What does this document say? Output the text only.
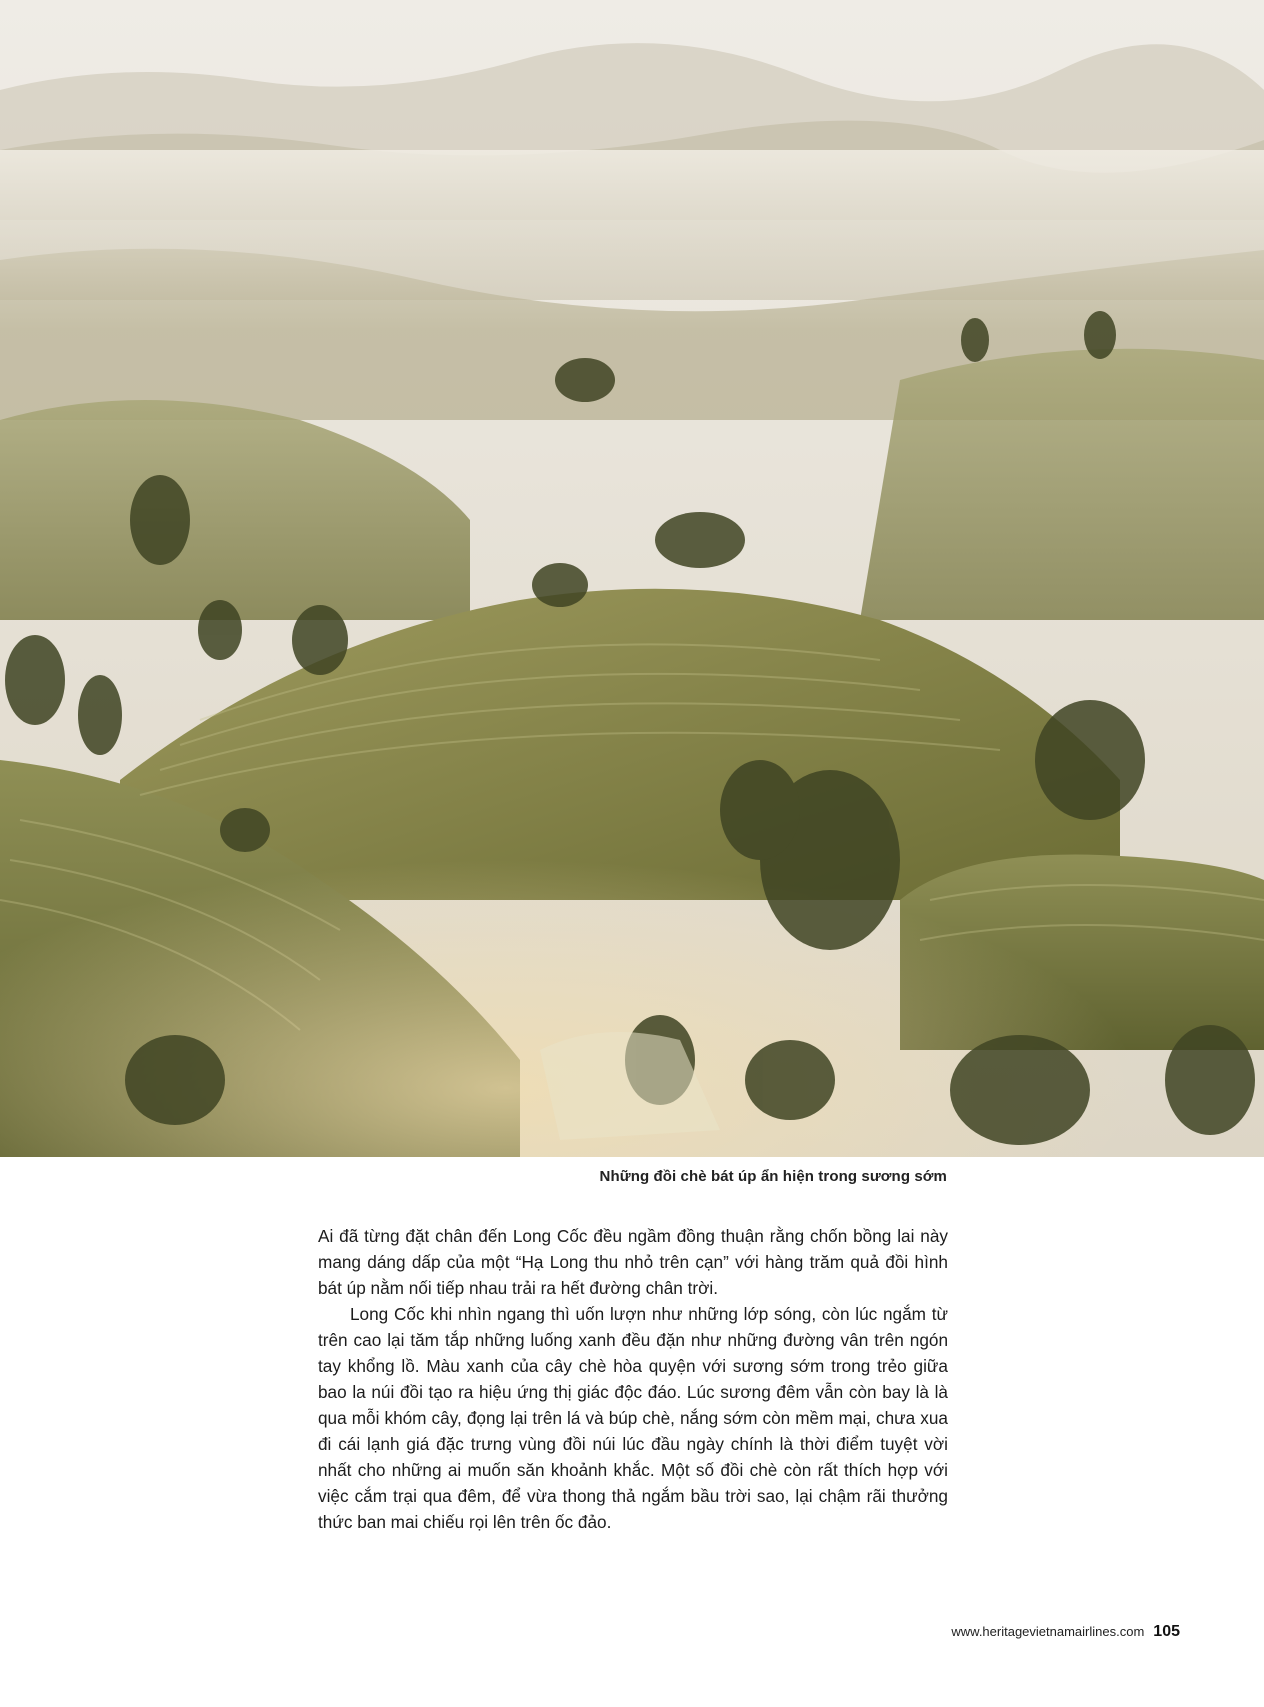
Những đồi chè bát úp ẩn hiện trong sương sớm

Ai đã từng đặt chân đến Long Cốc đều ngầm đồng thuận rằng chốn bồng lai này mang dáng dấp của một “Hạ Long thu nhỏ trên cạn” với hàng trăm quả đồi hình bát úp nằm nối tiếp nhau trải ra hết đường chân trời.

Long Cốc khi nhìn ngang thì uốn lượn như những lớp sóng, còn lúc ngắm từ trên cao lại tăm tắp những luống xanh đều đặn như những đường vân trên ngón tay khổng lồ. Màu xanh của cây chè hòa quyện với sương sớm trong trẻo giữa bao la núi đồi tạo ra hiệu ứng thị giác độc đáo. Lúc sương đêm vẫn còn bay là là qua mỗi khóm cây, đọng lại trên lá và búp chè, nắng sớm còn mềm mại, chưa xua đi cái lạnh giá đặc trưng vùng đồi núi lúc đầu ngày chính là thời điểm tuyệt vời nhất cho những ai muốn săn khoảnh khắc. Một số đồi chè còn rất thích hợp với việc cắm trại qua đêm, để vừa thong thả ngắm bầu trời sao, lại chậm rãi thưởng thức ban mai chiếu rọi lên trên ốc đảo.

www.heritagevietnamairlines.com 105
